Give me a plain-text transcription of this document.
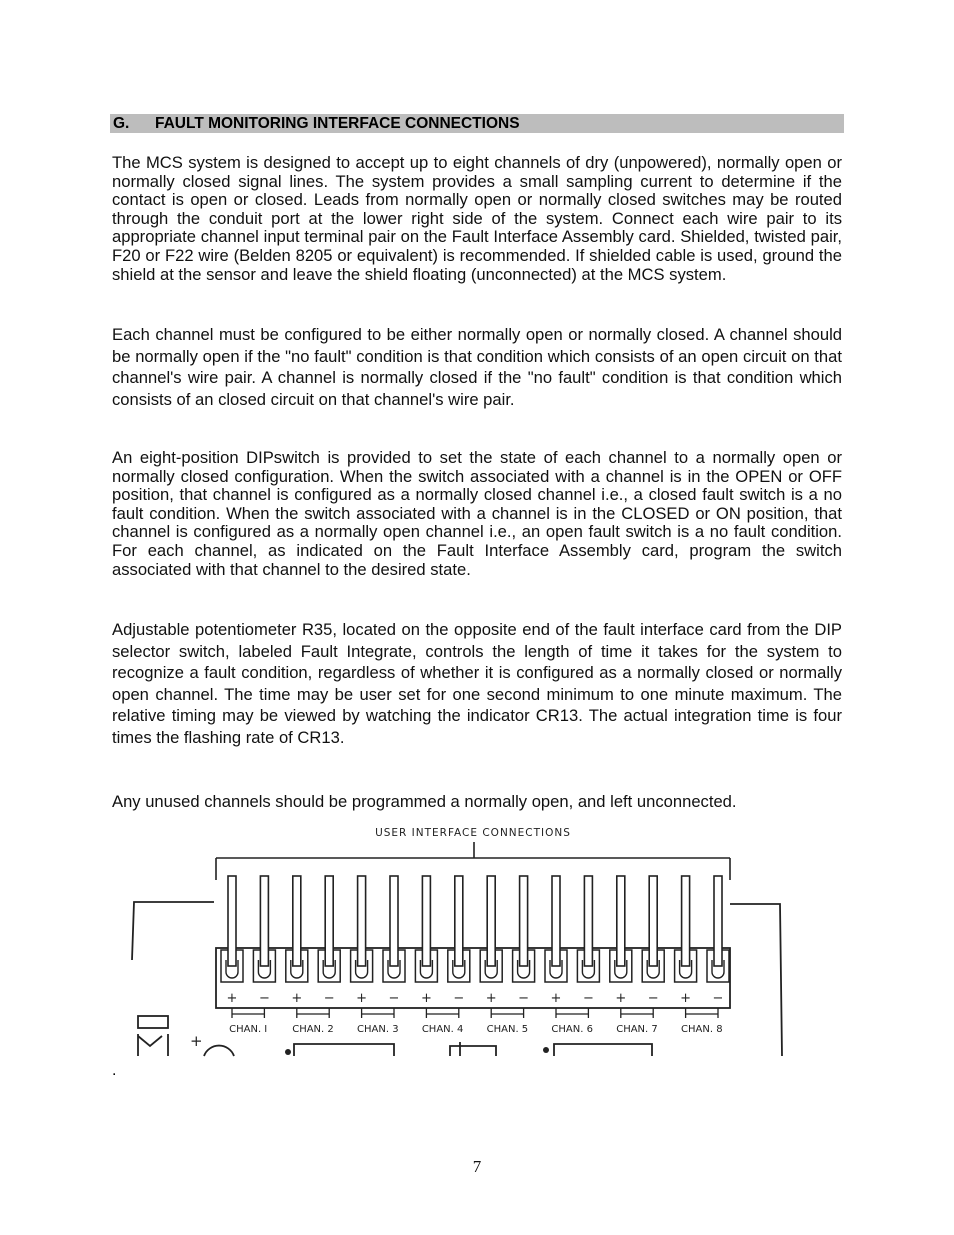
G. FAULT MONITORING INTERFACE CONNECTIONS

The MCS system is designed to accept up to eight channels of dry (unpowered), normally open or normally closed signal lines. The system provides a small sampling current to determine if the contact is open or closed. Leads from normally open or normally closed switches may be routed through the conduit port at the lower right side of the system. Connect each wire pair to its appropriate channel input terminal pair on the Fault Interface Assembly card. Shielded, twisted pair, F20 or F22 wire (Belden 8205 or equivalent) is recommended. If shielded cable is used, ground the shield at the sensor and leave the shield floating (unconnected) at the MCS system.

Each channel must be configured to be either normally open or normally closed. A channel should be normally open if the "no fault" condition is that condition which consists of an open circuit on that channel's wire pair. A channel is normally closed if the "no fault" condition is that condition which consists of an closed circuit on that channel's wire pair.

An eight-position DIPswitch is provided to set the state of each channel to a normally open or normally closed configuration. When the switch associated with a channel is in the OPEN or OFF position, that channel is configured as a normally closed channel i.e., a closed fault switch is a no fault condition. When the switch associated with a channel is in the CLOSED or ON position, that channel is configured as a normally open channel i.e., an open fault switch is a no fault condition. For each channel, as indicated on the Fault Interface Assembly card, program the switch associated with that channel to the desired state.

Adjustable potentiometer R35, located on the opposite end of the fault interface card from the DIP selector switch, labeled Fault Integrate, controls the length of time it takes for the system to recognize a fault condition, regardless of whether it is configured as a normally closed or normally open channel. The time may be user set for one second minimum to one minute maximum. The relative timing may be viewed by watching the indicator CR13. The actual integration time is four times the flashing rate of CR13.

Any unused channels should be programmed a normally open, and left unconnected.

USER INTERFACE CONNECTIONS
+ − + − + − + − + − + − + − + −
CHAN. I CHAN. 2 CHAN. 3 CHAN. 4 CHAN. 5 CHAN. 6 CHAN. 7 CHAN. 8
+
.
7
